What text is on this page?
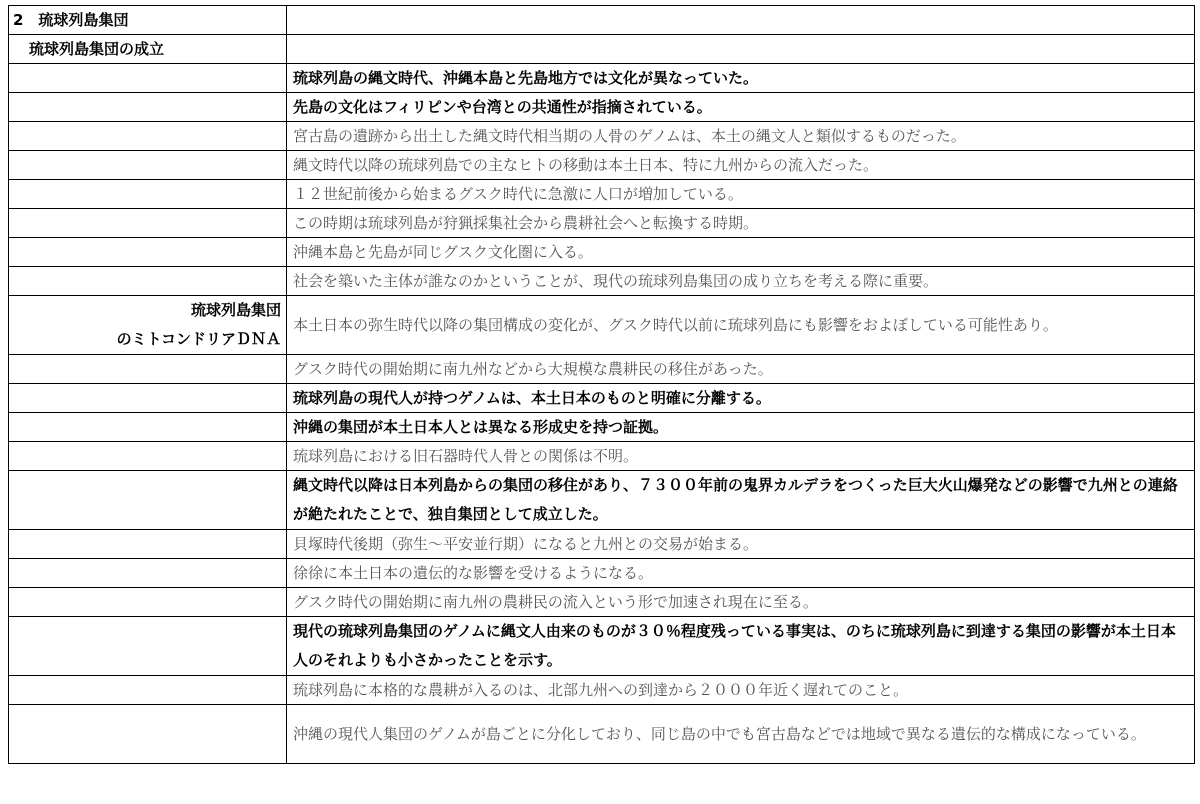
2　琉球列島集団	
琉球列島集団の成立	
	琉球列島の縄文時代、沖縄本島と先島地方では文化が異なっていた。
	先島の文化はフィリピンや台湾との共通性が指摘されている。
	宮古島の遺跡から出土した縄文時代相当期の人骨のゲノムは、本土の縄文人と類似するものだった。
	縄文時代以降の琉球列島での主なヒトの移動は本土日本、特に九州からの流入だった。
	１２世紀前後から始まるグスク時代に急激に人口が増加している。
	この時期は琉球列島が狩猟採集社会から農耕社会へと転換する時期。
	沖縄本島と先島が同じグスク文化圏に入る。
	社会を築いた主体が誰なのかということが、現代の琉球列島集団の成り立ちを考える際に重要。

琉球列島集団
のミトコンドリアＤＮＡ	本土日本の弥生時代以降の集団構成の変化が、グスク時代以前に琉球列島にも影響をおよぼしている可能性あり。
	グスク時代の開始期に南九州などから大規模な農耕民の移住があった。
	琉球列島の現代人が持つゲノムは、本土日本のものと明確に分離する。
	沖縄の集団が本土日本人とは異なる形成史を持つ証拠。
	琉球列島における旧石器時代人骨との関係は不明。
	縄文時代以降は日本列島からの集団の移住があり、７３００年前の鬼界カルデラをつくった巨大火山爆発などの影響で九州との連絡が絶たれたことで、独自集団として成立した。
	貝塚時代後期（弥生～平安並行期）になると九州との交易が始まる。
	徐徐に本土日本の遺伝的な影響を受けるようになる。
	グスク時代の開始期に南九州の農耕民の流入という形で加速され現在に至る。
	現代の琉球列島集団のゲノムに縄文人由来のものが３０％程度残っている事実は、のちに琉球列島に到達する集団の影響が本土日本人のそれよりも小さかったことを示す。
	琉球列島に本格的な農耕が入るのは、北部九州への到達から２０００年近く遅れてのこと。
	沖縄の現代人集団のゲノムが島ごとに分化しており、同じ島の中でも宮古島などでは地域で異なる遺伝的な構成になっている。
